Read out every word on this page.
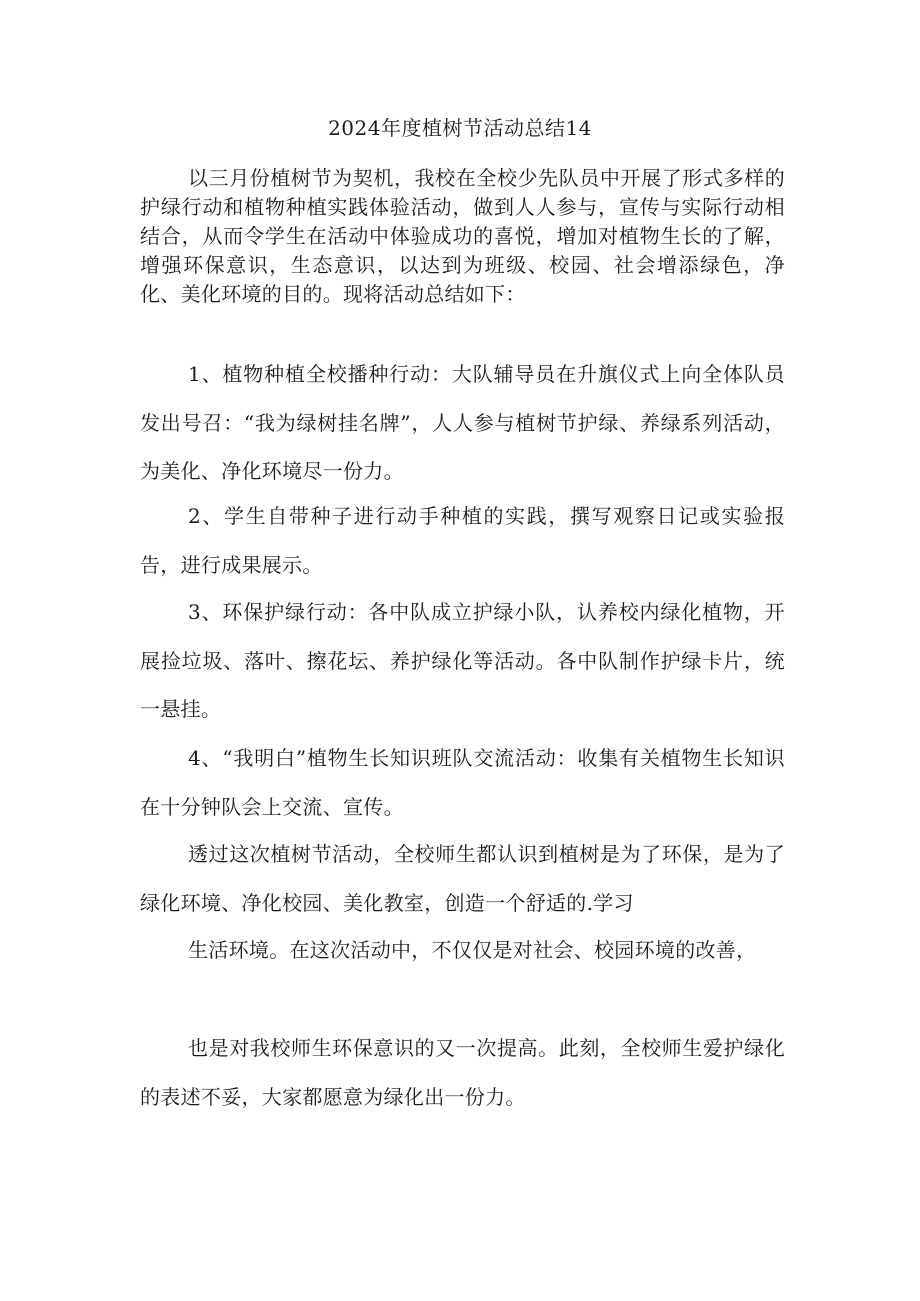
2024年度植树节活动总结14

以三月份植树节为契机，我校在全校少先队员中开展了形式多样的护绿行动和植物种植实践体验活动，做到人人参与，宣传与实际行动相结合，从而令学生在活动中体验成功的喜悦，增加对植物生长的了解，增强环保意识，生态意识，以达到为班级、校园、社会增添绿色，净化、美化环境的目的。现将活动总结如下：

1、植物种植全校播种行动：大队辅导员在升旗仪式上向全体队员发出号召：“我为绿树挂名牌”，人人参与植树节护绿、养绿系列活动，为美化、净化环境尽一份力。

2、学生自带种子进行动手种植的实践，撰写观察日记或实验报告，进行成果展示。

3、环保护绿行动：各中队成立护绿小队，认养校内绿化植物，开展捡垃圾、落叶、擦花坛、养护绿化等活动。各中队制作护绿卡片，统一悬挂。

4、“我明白”植物生长知识班队交流活动：收集有关植物生长知识在十分钟队会上交流、宣传。

透过这次植树节活动，全校师生都认识到植树是为了环保，是为了绿化环境、净化校园、美化教室，创造一个舒适的.学习

生活环境。在这次活动中，不仅仅是对社会、校园环境的改善，

也是对我校师生环保意识的又一次提高。此刻，全校师生爱护绿化的表述不妥，大家都愿意为绿化出一份力。
